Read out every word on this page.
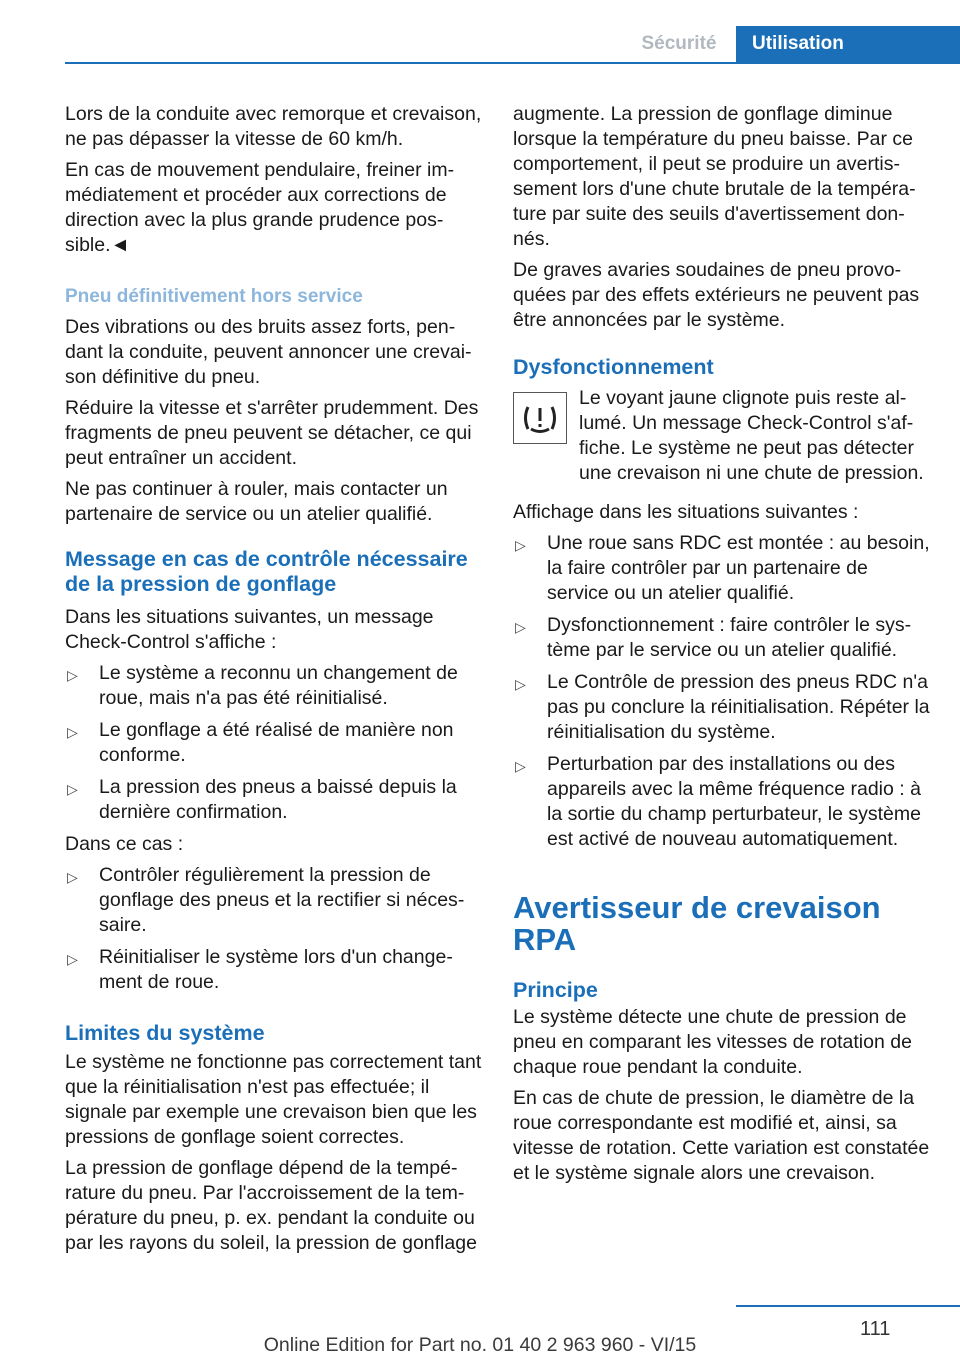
Sécurité	Utilisation

Lors de la conduite avec remorque et crevaison, ne pas dépasser la vitesse de 60 km/h.

En cas de mouvement pendulaire, freiner immédiatement et procéder aux corrections de direction avec la plus grande prudence possible.◄

Pneu définitivement hors service

Des vibrations ou des bruits assez forts, pendant la conduite, peuvent annoncer une crevaison définitive du pneu.

Réduire la vitesse et s'arrêter prudemment. Des fragments de pneu peuvent se détacher, ce qui peut entraîner un accident.

Ne pas continuer à rouler, mais contacter un partenaire de service ou un atelier qualifié.

Message en cas de contrôle nécessaire de la pression de gonflage

Dans les situations suivantes, un message Check-Control s'affiche :

▷ Le système a reconnu un changement de roue, mais n'a pas été réinitialisé.
▷ Le gonflage a été réalisé de manière non conforme.
▷ La pression des pneus a baissé depuis la dernière confirmation.

Dans ce cas :

▷ Contrôler régulièrement la pression de gonflage des pneus et la rectifier si nécessaire.
▷ Réinitialiser le système lors d'un changement de roue.
Limites du système

Le système ne fonctionne pas correctement tant que la réinitialisation n'est pas effectuée; il signale par exemple une crevaison bien que les pressions de gonflage soient correctes.

La pression de gonflage dépend de la température du pneu. Par l'accroissement de la température du pneu, p. ex. pendant la conduite ou par les rayons du soleil, la pression de gonflage

augmente. La pression de gonflage diminue lorsque la température du pneu baisse. Par ce comportement, il peut se produire un avertissement lors d'une chute brutale de la température par suite des seuils d'avertissement donnés.

De graves avaries soudaines de pneu provoquées par des effets extérieurs ne peuvent pas être annoncées par le système.

Dysfonctionnement

Le voyant jaune clignote puis reste allumé. Un message Check-Control s'affiche. Le système ne peut pas détecter une crevaison ni une chute de pression.

Affichage dans les situations suivantes :

▷ Une roue sans RDC est montée : au besoin, la faire contrôler par un partenaire de service ou un atelier qualifié.
▷ Dysfonctionnement : faire contrôler le système par le service ou un atelier qualifié.
▷ Le Contrôle de pression des pneus RDC n'a pas pu conclure la réinitialisation. Répéter la réinitialisation du système.
▷ Perturbation par des installations ou des appareils avec la même fréquence radio : à la sortie du champ perturbateur, le système est activé de nouveau automatiquement.
Avertisseur de crevaison RPA
Principe

Le système détecte une chute de pression de pneu en comparant les vitesses de rotation de chaque roue pendant la conduite.

En cas de chute de pression, le diamètre de la roue correspondante est modifié et, ainsi, sa vitesse de rotation. Cette variation est constatée et le système signale alors une crevaison.

111
Online Edition for Part no. 01 40 2 963 960 - VI/15
